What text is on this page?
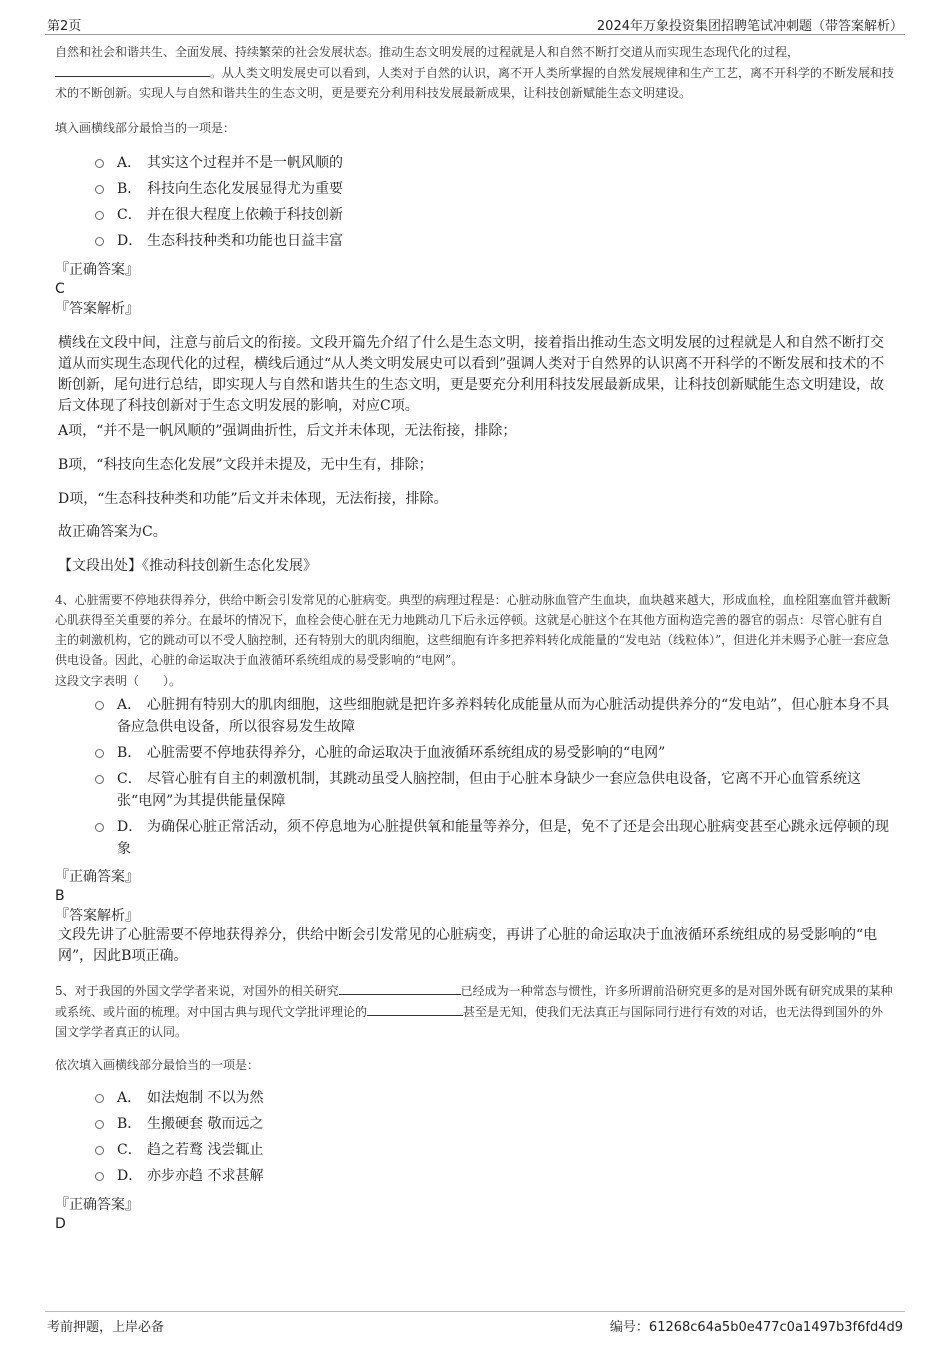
第2页	2024年万象投资集团招聘笔试冲刺题（带答案解析）
自然和社会和谐共生、全面发展、持续繁荣的社会发展状态。推动生态文明发展的过程就是人和自然不断打交道从而实现生态现代化的过程，。从人类文明发展史可以看到，人类对于自然的认识，离不开人类所掌握的自然发展规律和生产工艺，离不开科学的不断发展和技术的不断创新。实现人与自然和谐共生的生态文明，更是要充分利用科技发展最新成果，让科技创新赋能生态文明建设。
填入画横线部分最恰当的一项是：
A． 其实这个过程并不是一帆风顺的
B． 科技向生态化发展显得尤为重要
C． 并在很大程度上依赖于科技创新
D． 生态科技种类和功能也日益丰富
『正确答案』
C
『答案解析』
横线在文段中间，注意与前后文的衔接。文段开篇先介绍了什么是生态文明，接着指出推动生态文明发展的过程就是人和自然不断打交道从而实现生态现代化的过程，横线后通过“从人类文明发展史可以看到”强调人类对于自然界的认识离不开科学的不断发展和技术的不断创新，尾句进行总结，即实现人与自然和谐共生的生态文明，更是要充分利用科技发展最新成果，让科技创新赋能生态文明建设，故后文体现了科技创新对于生态文明发展的影响，对应C项。
A项，“并不是一帆风顺的”强调曲折性，后文并未体现，无法衔接，排除；
B项，“科技向生态化发展”文段并未提及，无中生有，排除；
D项，“生态科技种类和功能”后文并未体现，无法衔接，排除。
故正确答案为C。
【文段出处】《推动科技创新生态化发展》
4、心脏需要不停地获得养分，供给中断会引发常见的心脏病变。典型的病理过程是：心脏动脉血管产生血块，血块越来越大，形成血栓，血栓阻塞血管并截断心肌获得至关重要的养分。在最坏的情况下，血栓会使心脏在无力地跳动几下后永远停顿。这就是心脏这个在其他方面构造完善的器官的弱点：尽管心脏有自主的刺激机构，它的跳动可以不受人脑控制，还有特别大的肌肉细胞，这些细胞有许多把养料转化成能量的“发电站（线粒体）”，但进化并未赐予心脏一套应急供电设备。因此，心脏的命运取决于血液循环系统组成的易受影响的“电网”。
这段文字表明（　　）。
A． 心脏拥有特别大的肌肉细胞，这些细胞就是把许多养料转化成能量从而为心脏活动提供养分的“发电站”，但心脏本身不具备应急供电设备，所以很容易发生故障
B． 心脏需要不停地获得养分，心脏的命运取决于血液循环系统组成的易受影响的“电网”
C． 尽管心脏有自主的刺激机制，其跳动虽受人脑控制，但由于心脏本身缺少一套应急供电设备，它离不开心血管系统这张“电网”为其提供能量保障
D． 为确保心脏正常活动，须不停息地为心脏提供氧和能量等养分，但是，免不了还是会出现心脏病变甚至心跳永远停顿的现象
『正确答案』
B
『答案解析』
文段先讲了心脏需要不停地获得养分，供给中断会引发常见的心脏病变，再讲了心脏的命运取决于血液循环系统组成的易受影响的“电网”，因此B项正确。
5、对于我国的外国文学学者来说，对国外的相关研究	已经成为一种常态与惯性，许多所谓前沿研究更多的是对国外既有研究成果的某种或系统、或片面的梳理。对中国古典与现代文学批评理论的	甚至是无知，使我们无法真正与国际同行进行有效的对话，也无法得到国外的外国文学学者真正的认同。
依次填入画横线部分最恰当的一项是：
A． 如法炮制 不以为然
B． 生搬硬套 敬而远之
C． 趋之若鹜 浅尝辄止
D． 亦步亦趋 不求甚解
『正确答案』
D
考前押题，上岸必备	编号：61268c64a5b0e477c0a1497b3f6fd4d9
